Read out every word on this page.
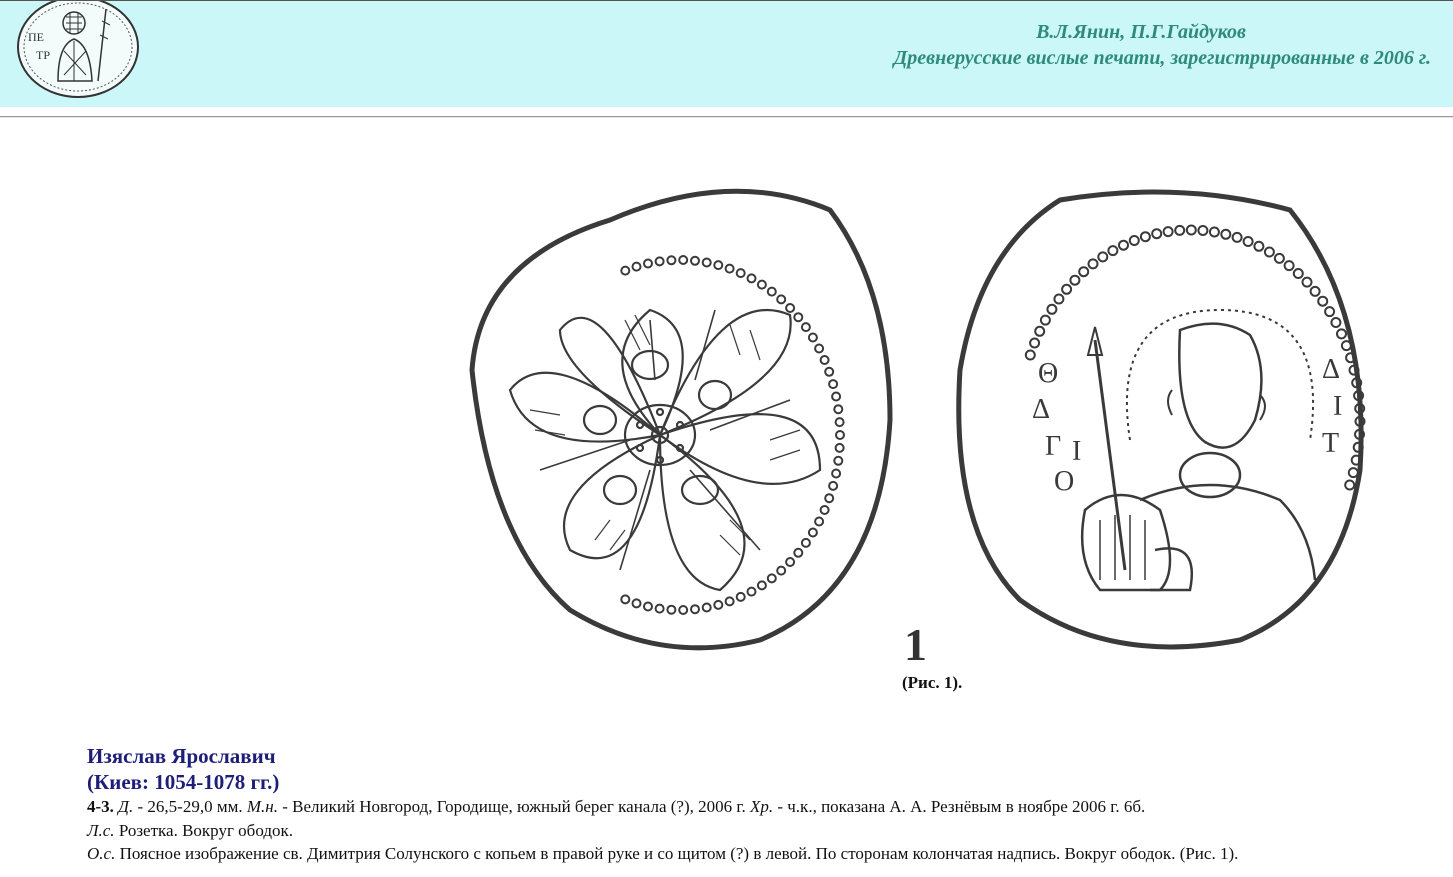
ПЕ
ТР
В.Л.Янин, П.Г.Гайдуков
Древнерусские вислые печати, зарегистрированные в 2006 г.
Θ
Δ
Γ Ι
Ο
Δ
Ι
Τ
1
(Рис. 1).
Изяслав Ярославич
(Киев: 1054-1078 гг.)
4-3. Д. - 26,5-29,0 мм. М.н. - Великий Новгород, Городище, южный берег канала (?), 2006 г. Хр. - ч.к., показана А. А. Резнёвым в ноябре 2006 г. 6б.
Л.с. Розетка. Вокруг ободок.
О.с. Поясное изображение св. Димитрия Солунского с копьем в правой руке и со щитом (?) в левой. По сторонам колончатая надпись. Вокруг ободок. (Рис. 1).
